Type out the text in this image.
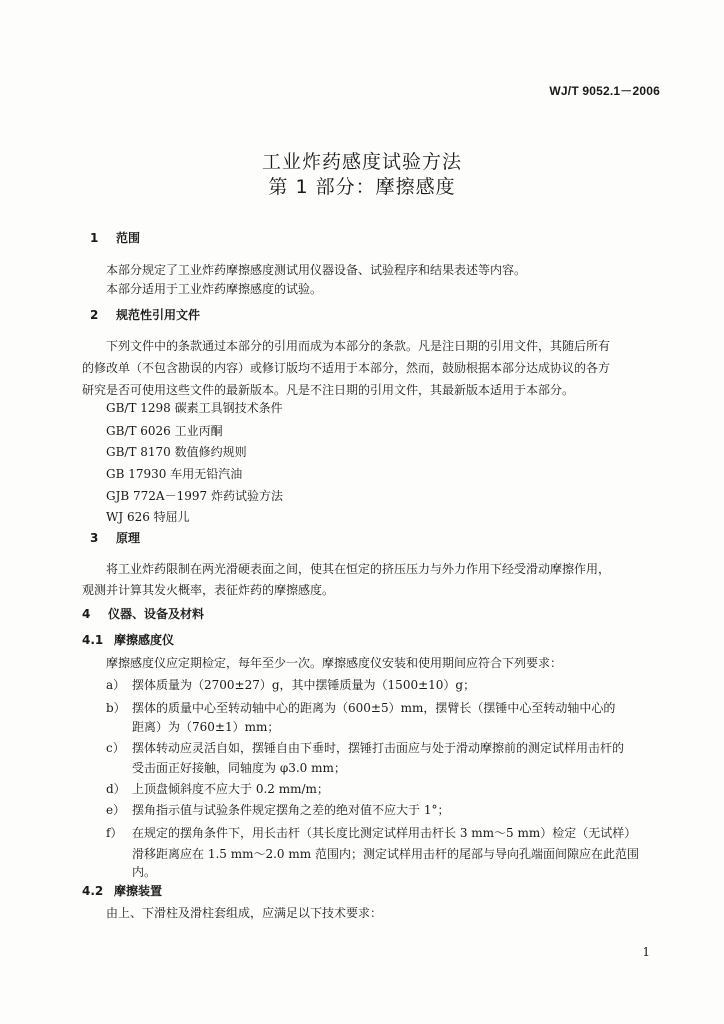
WJ/T 9052.1－2006
工业炸药感度试验方法
第 1 部分：摩擦感度
1 范围
本部分规定了工业炸药摩擦感度测试用仪器设备、试验程序和结果表述等内容。
本部分适用于工业炸药摩擦感度的试验。
2 规范性引用文件
下列文件中的条款通过本部分的引用而成为本部分的条款。凡是注日期的引用文件，其随后所有
的修改单（不包含勘误的内容）或修订版均不适用于本部分，然而，鼓励根据本部分达成协议的各方
研究是否可使用这些文件的最新版本。凡是不注日期的引用文件，其最新版本适用于本部分。
GB/T 1298 碳素工具钢技术条件
GB/T 6026 工业丙酮
GB/T 8170 数值修约规则
GB 17930 车用无铅汽油
GJB 772A－1997 炸药试验方法
WJ 626 特屈儿
3 原理
将工业炸药限制在两光滑硬表面之间，使其在恒定的挤压压力与外力作用下经受滑动摩擦作用，
观测并计算其发火概率，表征炸药的摩擦感度。
4 仪器、设备及材料
4.1 摩擦感度仪
摩擦感度仪应定期检定，每年至少一次。摩擦感度仪安装和使用期间应符合下列要求：
a） 摆体质量为（2700±27）g，其中摆锤质量为（1500±10）g；
b） 摆体的质量中心至转动轴中心的距离为（600±5）mm，摆臂长（摆锤中心至转动轴中心的
距离）为（760±1）mm；
c） 摆体转动应灵活自如，摆锤自由下垂时，摆锤打击面应与处于滑动摩擦前的测定试样用击杆的
受击面正好接触，同轴度为 φ3.0 mm；
d） 上顶盘倾斜度不应大于 0.2 mm/m；
e） 摆角指示值与试验条件规定摆角之差的绝对值不应大于 1°；
f） 在规定的摆角条件下，用长击杆（其长度比测定试样用击杆长 3 mm～5 mm）检定（无试样）
滑移距离应在 1.5 mm～2.0 mm 范围内；测定试样用击杆的尾部与导向孔端面间隙应在此范围
内。
4.2 摩擦装置
由上、下滑柱及滑柱套组成，应满足以下技术要求：
1
